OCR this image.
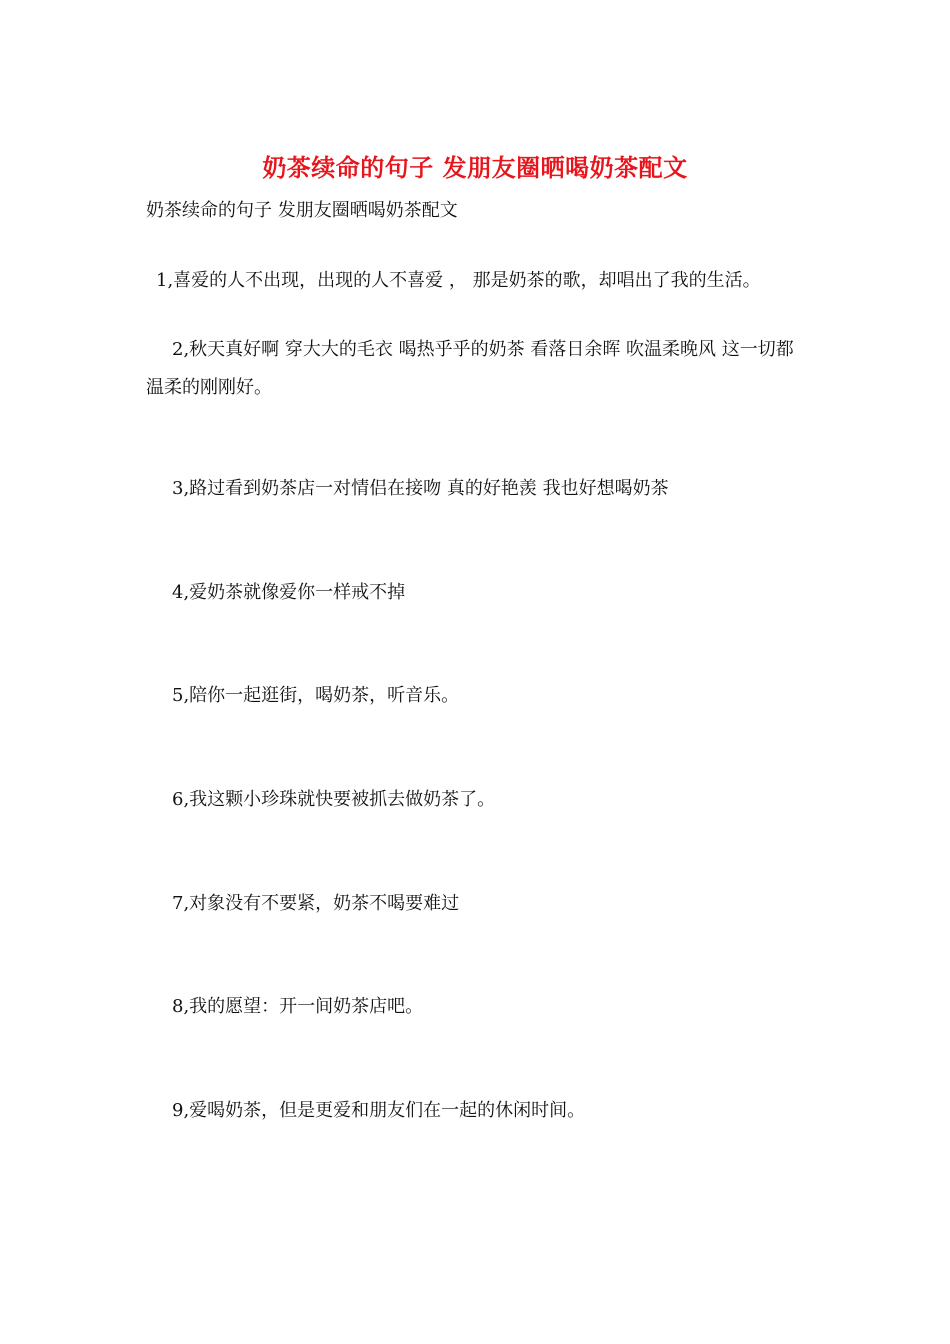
奶茶续命的句子 发朋友圈晒喝奶茶配文
奶茶续命的句子 发朋友圈晒喝奶茶配文
1,喜爱的人不出现，出现的人不喜爱 ， 那是奶茶的歌，却唱出了我的生活。
2,秋天真好啊 穿大大的毛衣 喝热乎乎的奶茶 看落日余晖 吹温柔晚风 这一切都温柔的刚刚好。
3,路过看到奶茶店一对情侣在接吻 真的好艳羡 我也好想喝奶茶
4,爱奶茶就像爱你一样戒不掉
5,陪你一起逛街，喝奶茶，听音乐。
6,我这颗小珍珠就快要被抓去做奶茶了。
7,对象没有不要紧，奶茶不喝要难过
8,我的愿望：开一间奶茶店吧。
9,爱喝奶茶，但是更爱和朋友们在一起的休闲时间。
